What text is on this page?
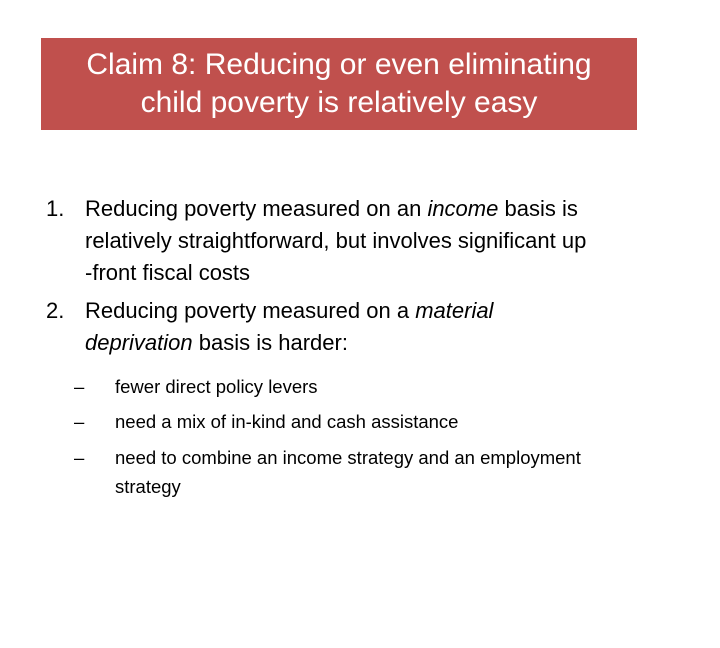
Claim 8: Reducing or even eliminating
child poverty is relatively easy
1. Reducing poverty measured on an income basis is
relatively straightforward, but involves significant up
-front fiscal costs
2. Reducing poverty measured on a material
deprivation basis is harder:
– fewer direct policy levers
– need a mix of in-kind and cash assistance
– need to combine an income strategy and an employment
strategy
